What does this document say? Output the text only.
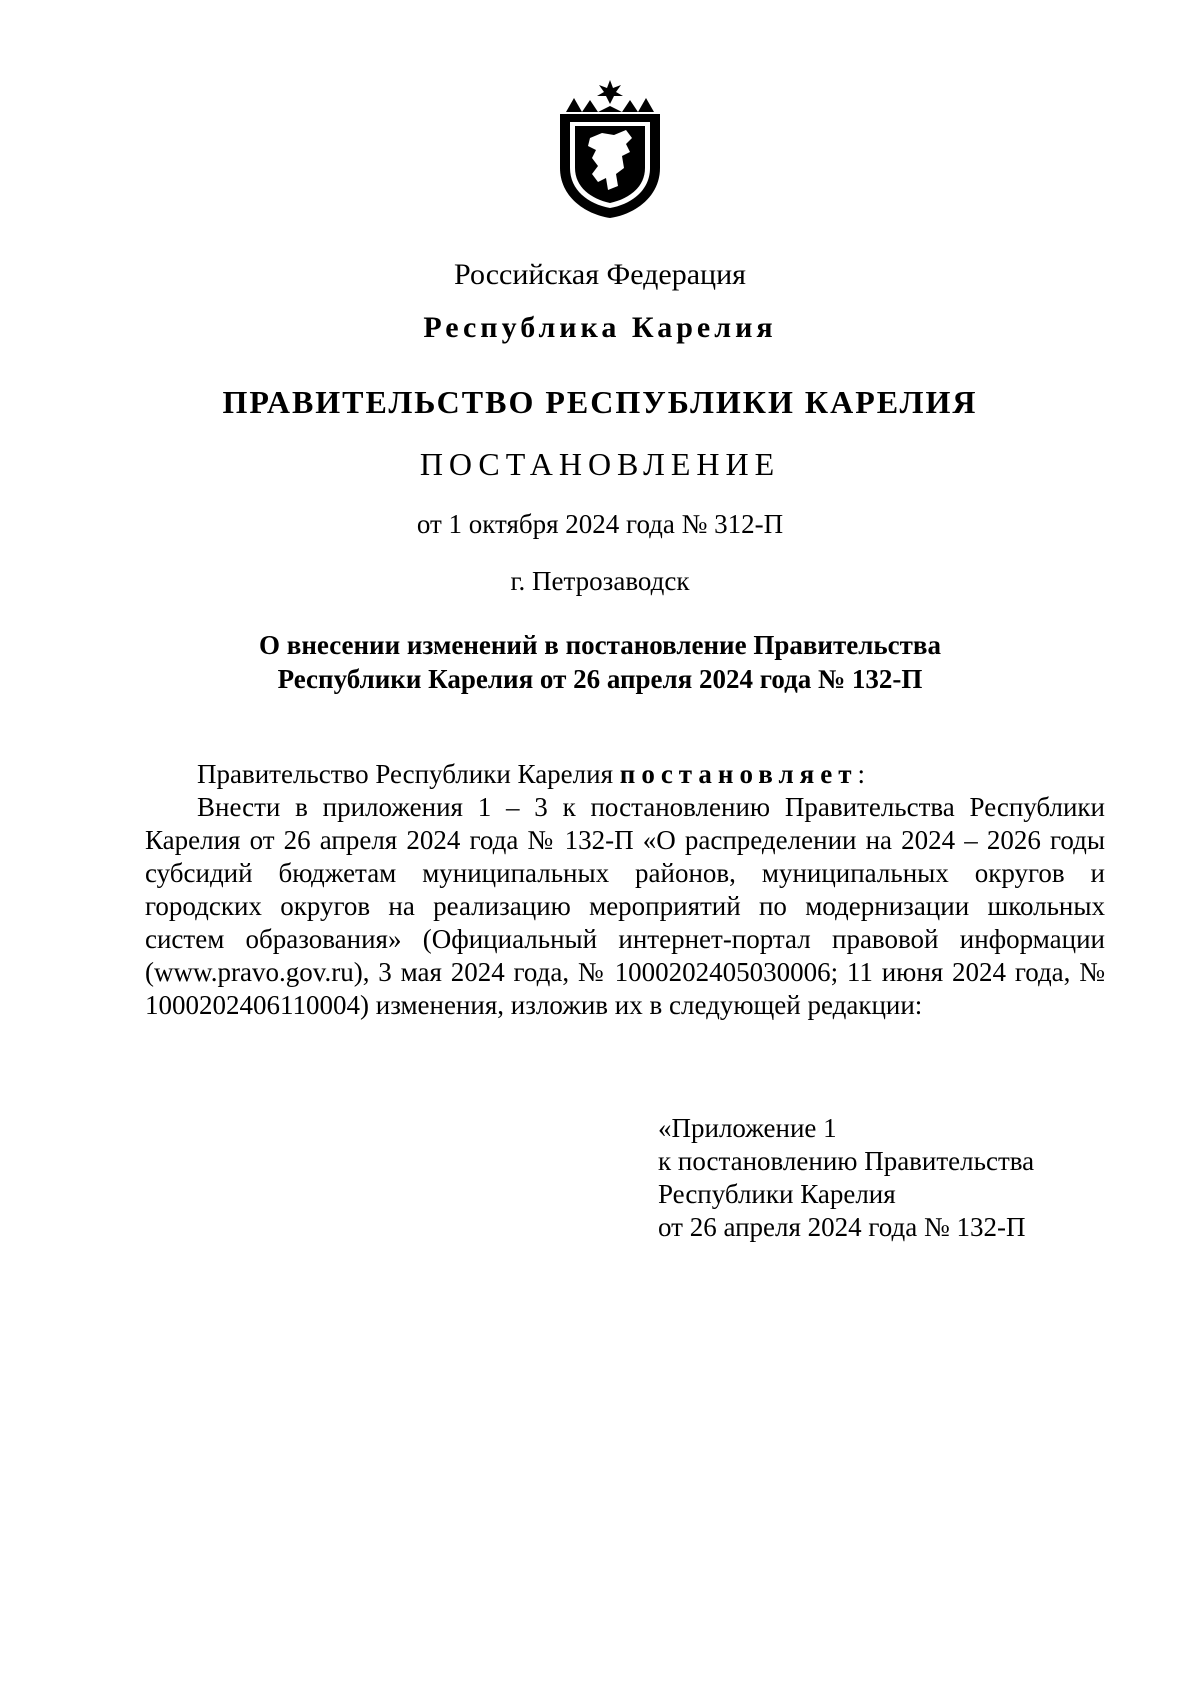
Российская Федерация
Республика Карелия
ПРАВИТЕЛЬСТВО РЕСПУБЛИКИ КАРЕЛИЯ
ПОСТАНОВЛЕНИЕ
от 1 октября 2024 года № 312-П
г. Петрозаводск
О внесении изменений в постановление Правительства
Республики Карелия от 26 апреля 2024 года № 132-П
Правительство Республики Карелия постановляет:
Внести в приложения 1 – 3 к постановлению Правительства Республики Карелия от 26 апреля 2024 года № 132-П «О распределении на 2024 – 2026 годы субсидий бюджетам муниципальных районов, муниципальных округов и городских округов на реализацию мероприятий по модернизации школьных систем образования» (Официальный интернет-портал правовой информации (www.pravo.gov.ru), 3 мая 2024 года, № 1000202405030006; 11 июня 2024 года, № 1000202406110004) изменения, изложив их в следующей редакции:
«Приложение 1
к постановлению Правительства
Республики Карелия
от 26 апреля 2024 года № 132-П
